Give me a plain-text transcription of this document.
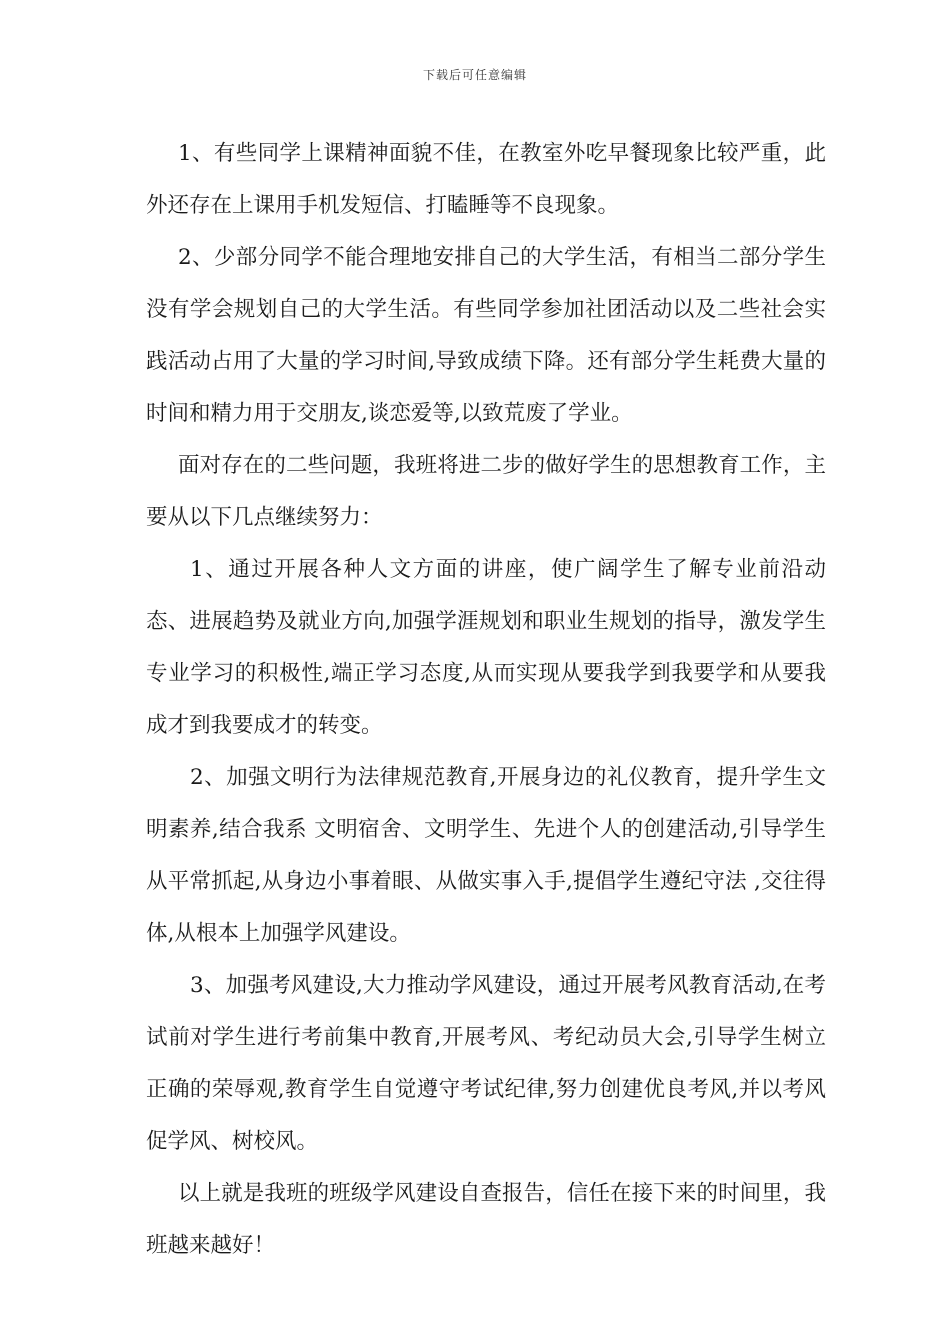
下载后可任意编辑

1、有些同学上课精神面貌不佳，在教室外吃早餐现象比较严重，此外还存在上课用手机发短信、打瞌睡等不良现象。

2、少部分同学不能合理地安排自己的大学生活，有相当二部分学生没有学会规划自己的大学生活。有些同学参加社团活动以及二些社会实践活动占用了大量的学习时间,导致成绩下降。还有部分学生耗费大量的时间和精力用于交朋友,谈恋爱等,以致荒废了学业。

面对存在的二些问题，我班将进二步的做好学生的思想教育工作，主要从以下几点继续努力：

1、通过开展各种人文方面的讲座，使广阔学生了解专业前沿动态、进展趋势及就业方向,加强学涯规划和职业生规划的指导，激发学生专业学习的积极性,端正学习态度,从而实现从要我学到我要学和从要我成才到我要成才的转变。

2、加强文明行为法律规范教育,开展身边的礼仪教育，提升学生文明素养,结合我系 文明宿舍、文明学生、先进个人的创建活动,引导学生从平常抓起,从身边小事着眼、从做实事入手,提倡学生遵纪守法 ,交往得体,从根本上加强学风建设。

3、加强考风建设,大力推动学风建设，通过开展考风教育活动,在考试前对学生进行考前集中教育,开展考风、考纪动员大会,引导学生树立正确的荣辱观,教育学生自觉遵守考试纪律,努力创建优良考风,并以考风促学风、树校风。

以上就是我班的班级学风建设自查报告，信任在接下来的时间里，我班越来越好！
